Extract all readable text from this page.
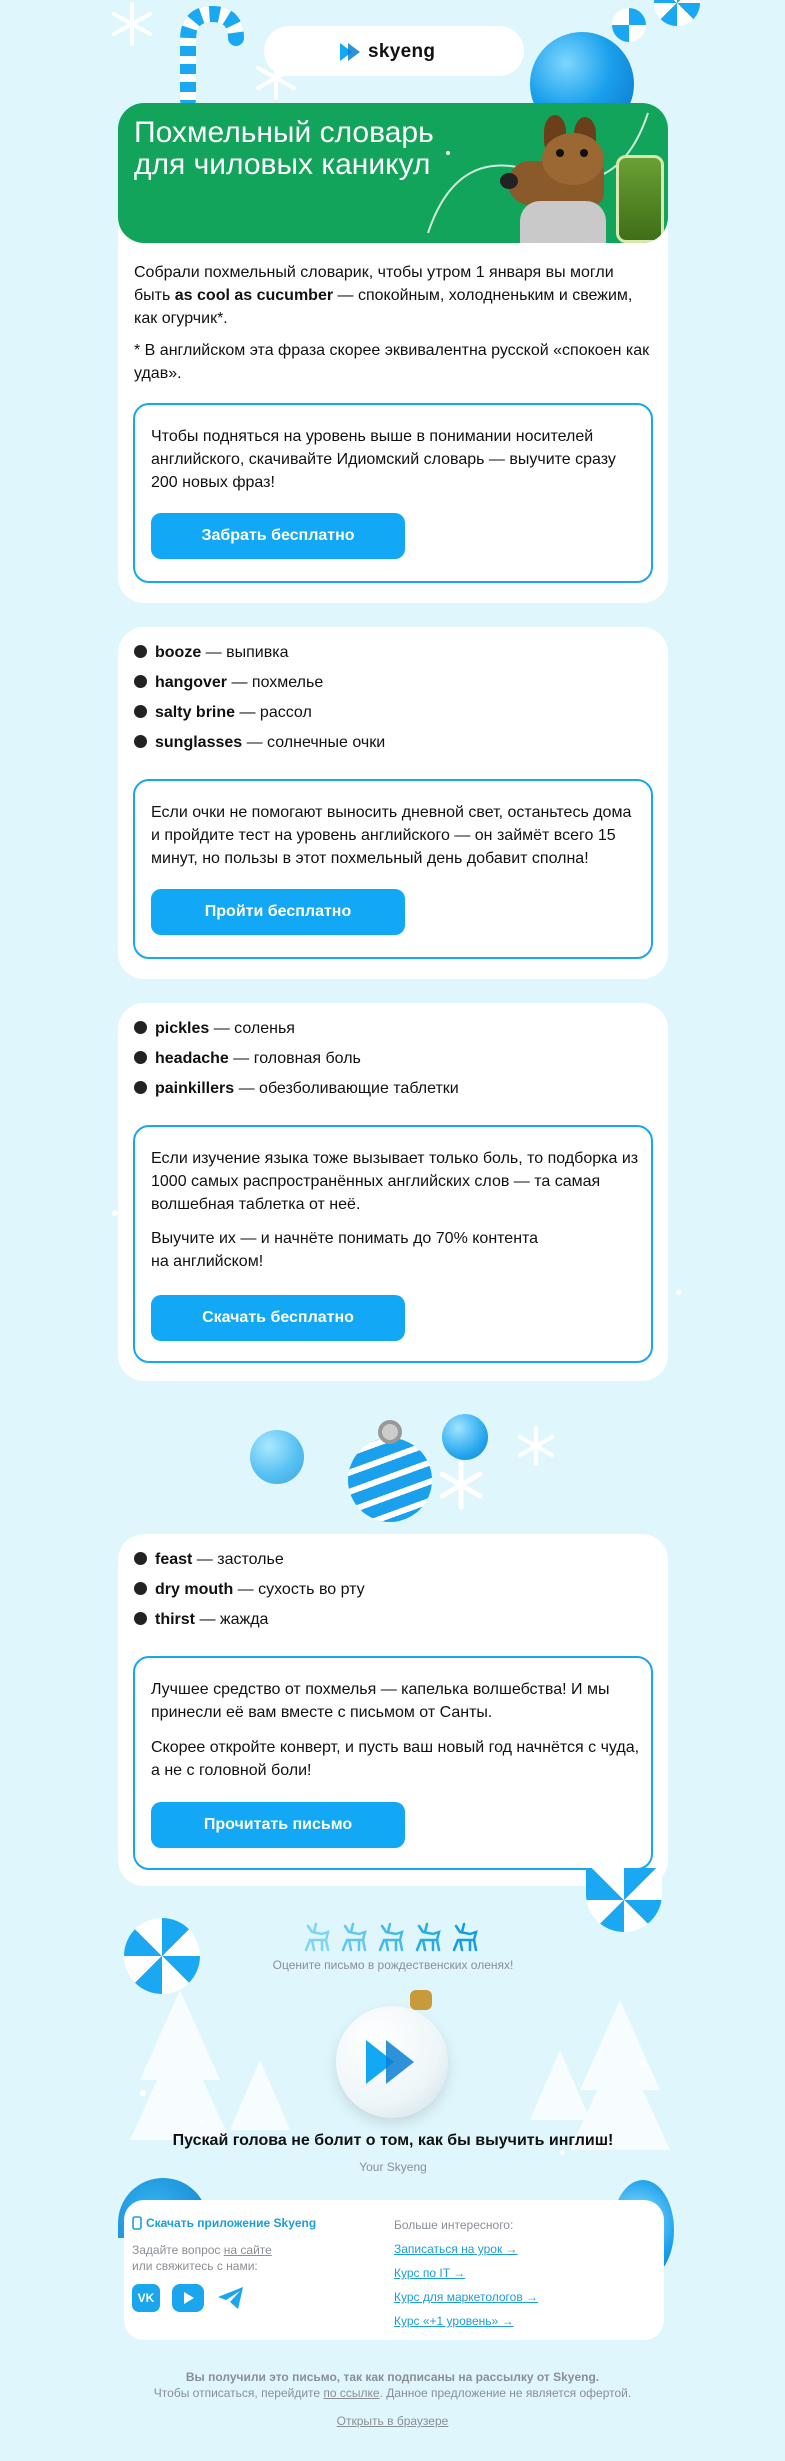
skyeng
Похмельный словарь
для чиловых каникул
Собрали похмельный словарик, чтобы утром 1 января вы могли быть as cool as cucumber — спокойным, холодненьким и свежим, как огурчик*.
* В английском эта фраза скорее эквивалентна русской «спокоен как удав».
Чтобы подняться на уровень выше в понимании носителей английского, скачивайте Идиомский словарь — выучите сразу 200 новых фраз!
Забрать бесплатно
booze — выпивка
hangover — похмелье
salty brine — рассол
sunglasses — солнечные очки
Если очки не помогают выносить дневной свет, останьтесь дома и пройдите тест на уровень английского — он займёт всего 15 минут, но пользы в этот похмельный день добавит сполна!
Пройти бесплатно
pickles — соленья
headache — головная боль
painkillers — обезболивающие таблетки
Если изучение языка тоже вызывает только боль, то подборка из 1000 самых распространённых английских слов — та самая волшебная таблетка от неё.
Выучите их — и начнёте понимать до 70% контента на английском!
Скачать бесплатно
feast — застолье
dry mouth — сухость во рту
thirst — жажда
Лучшее средство от похмелья — капелька волшебства! И мы принесли её вам вместе с письмом от Санты.
Скорее откройте конверт, и пусть ваш новый год начнётся с чуда, а не с головной боли!
Прочитать письмо
Оцените письмо в рождественских оленях!
Пускай голова не болит о том, как бы выучить инглиш!
Your Skyeng
Скачать приложение Skyeng
Задайте вопрос на сайте
или свяжитесь с нами:
VK
Больше интересного:
Записаться на урок →
Курс по IT →
Курс для маркетологов →
Курс «+1 уровень» →
Вы получили это письмо, так как подписаны на рассылку от Skyeng.
Чтобы отписаться, перейдите по ссылке. Данное предложение не является офертой.
Открыть в браузере
